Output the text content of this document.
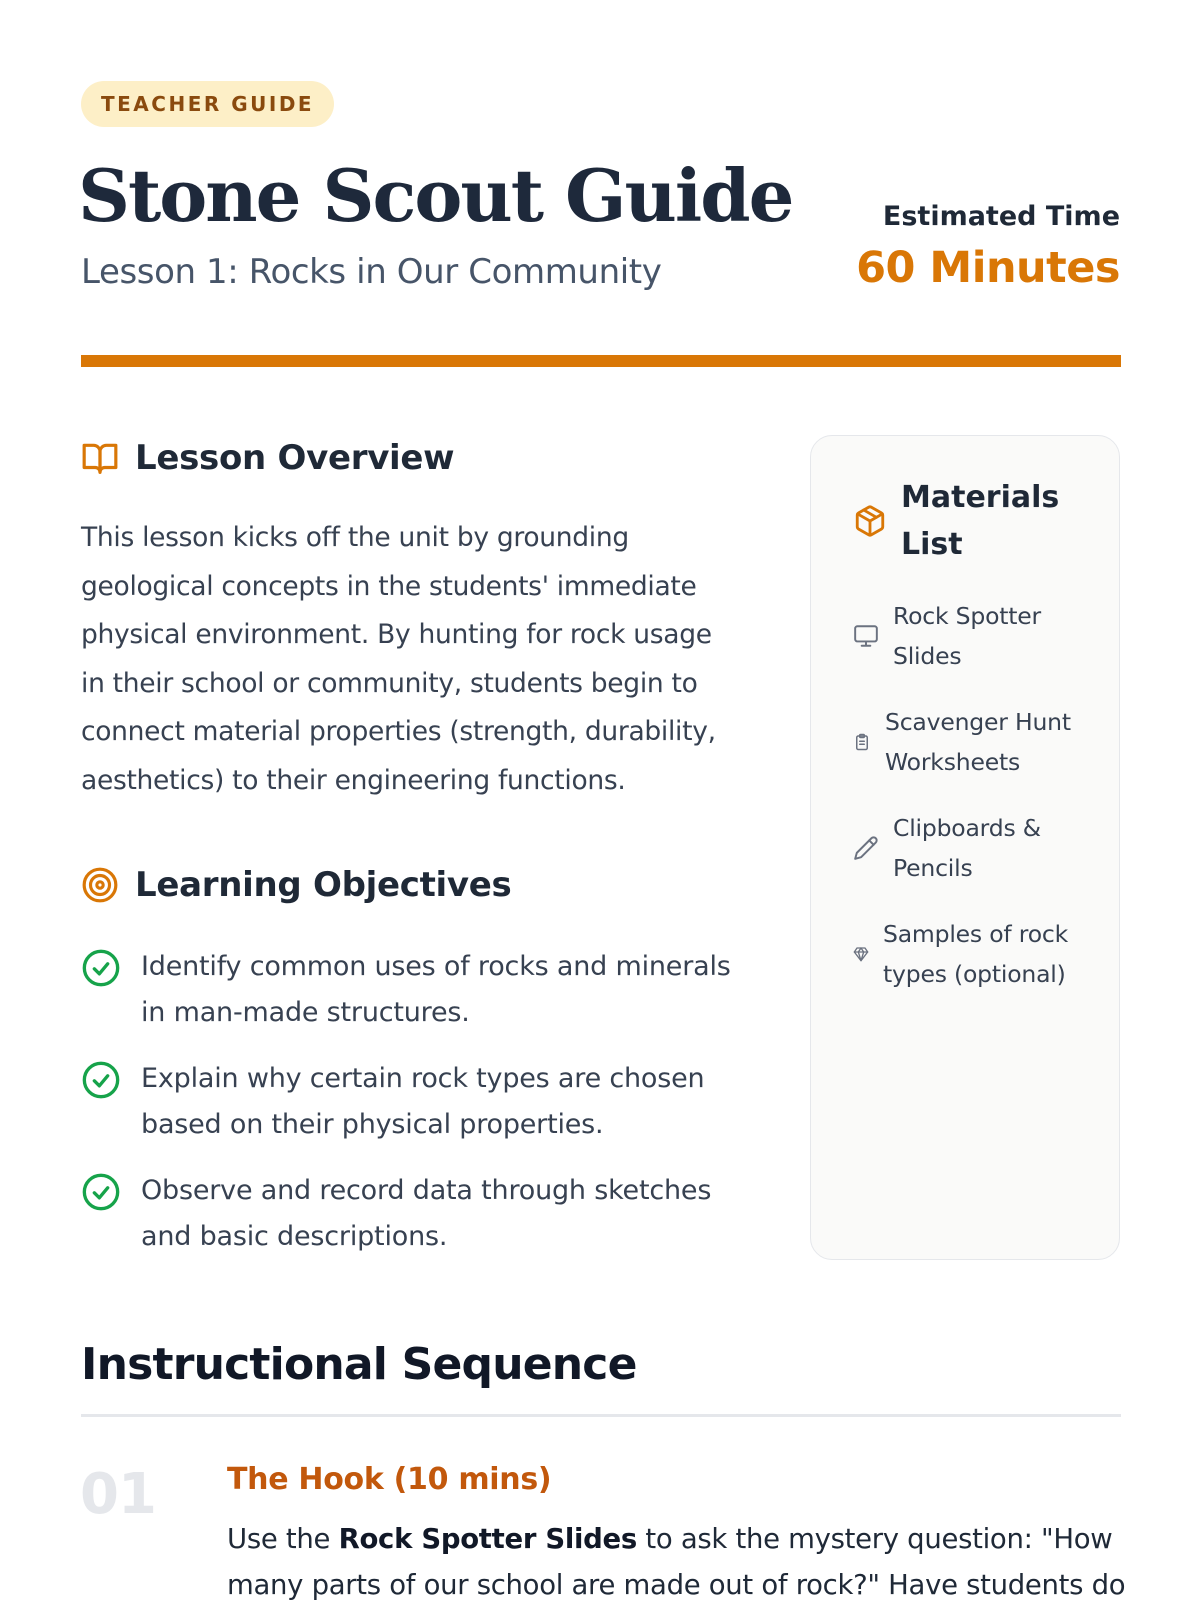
TEACHER GUIDE
Stone Scout Guide
Lesson 1: Rocks in Our Community
Estimated Time
60 Minutes
Lesson Overview

This lesson kicks off the unit by grounding geological concepts in the students' immediate physical environment. By hunting for rock usage in their school or community, students begin to connect material properties (strength, durability, aesthetics) to their engineering functions.

Learning Objectives
Identify common uses of rocks and minerals in man-made structures.
Explain why certain rock types are chosen based on their physical properties.
Observe and record data through sketches and basic descriptions.
Materials List
Rock Spotter Slides
Scavenger Hunt Worksheets
Clipboards & Pencils
Samples of rock types (optional)
Instructional Sequence
01 The Hook (10 mins)

Use the Rock Spotter Slides to ask the mystery question: "How many parts of our school are made out of rock?" Have students do
